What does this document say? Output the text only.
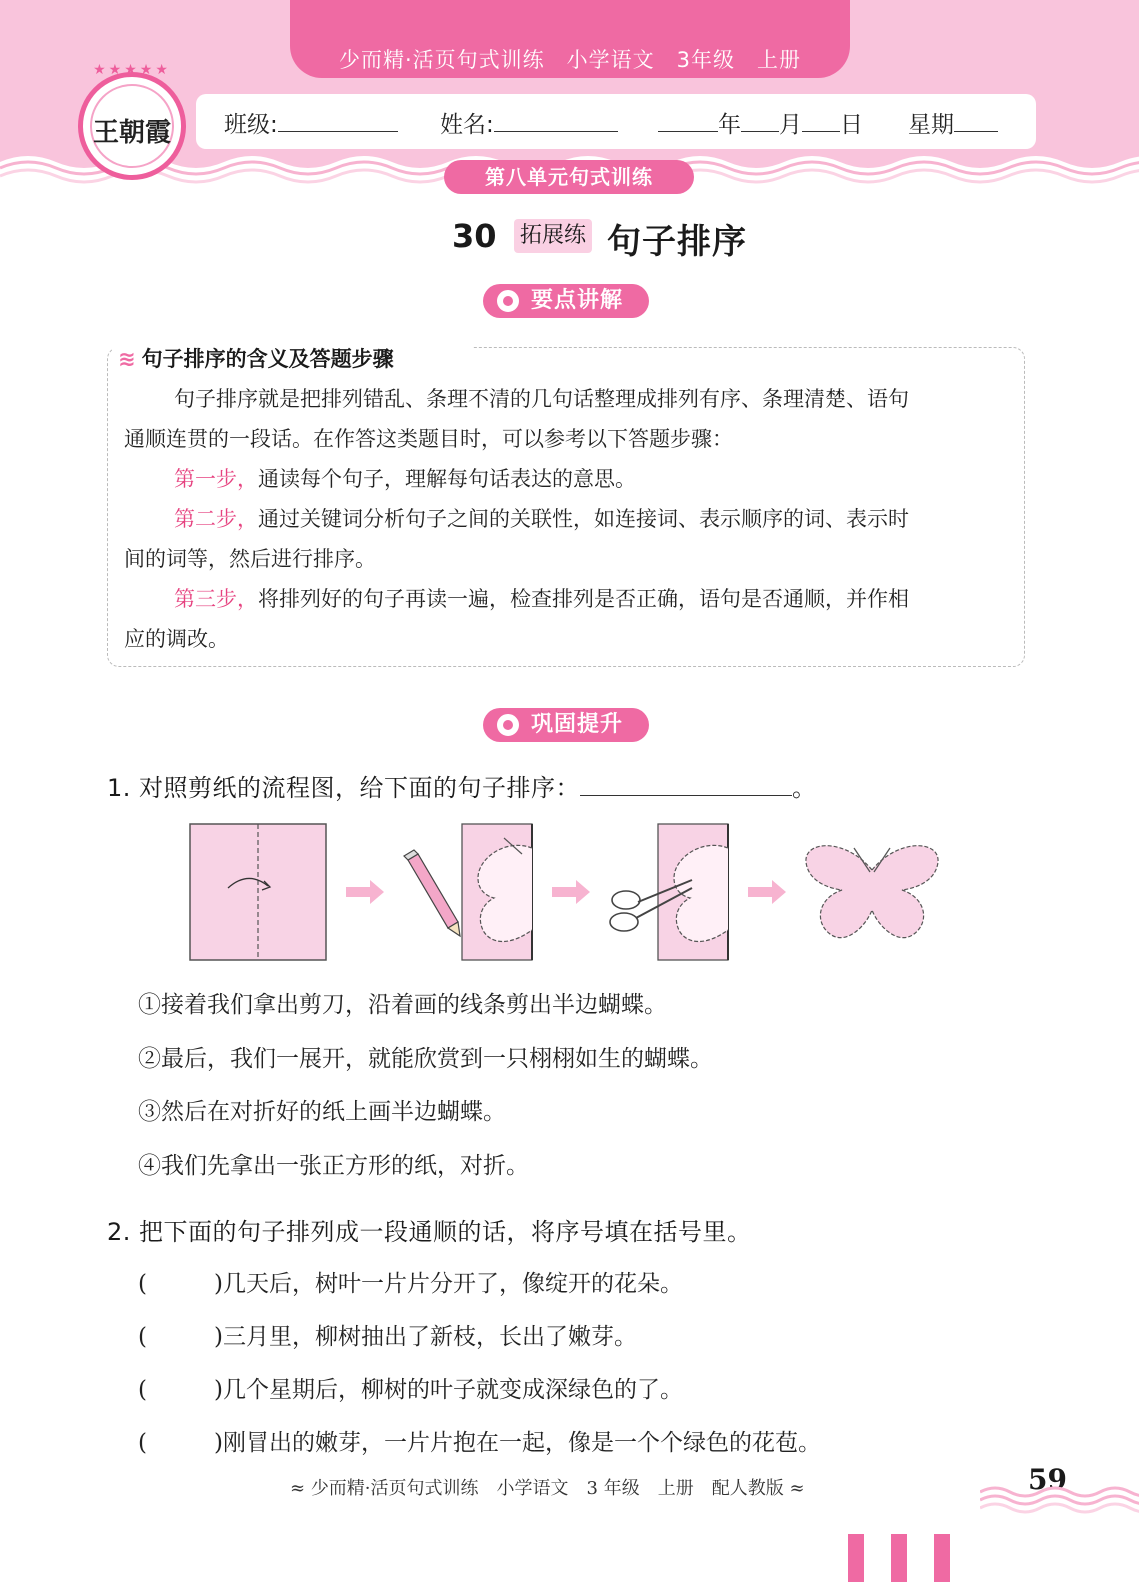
少而精·活页句式训练　小学语文　3年级　上册
班级:	姓名:	年 月 日 星期
★★★★★
王朝霞
第八单元句式训练
30 拓展练 句子排序
要点讲解
≋ 句子排序的含义及答题步骤
句子排序就是把排列错乱、条理不清的几句话整理成排列有序、条理清楚、语句
通顺连贯的一段话。在作答这类题目时，可以参考以下答题步骤：
第一步，通读每个句子，理解每句话表达的意思。
第二步，通过关键词分析句子之间的关联性，如连接词、表示顺序的词、表示时
间的词等，然后进行排序。
第三步，将排列好的句子再读一遍，检查排列是否正确，语句是否通顺，并作相
应的调改。
巩固提升
1. 对照剪纸的流程图，给下面的句子排序：	。
①接着我们拿出剪刀，沿着画的线条剪出半边蝴蝶。
②最后，我们一展开，就能欣赏到一只栩栩如生的蝴蝶。
③然后在对折好的纸上画半边蝴蝶。
④我们先拿出一张正方形的纸，对折。
2. 把下面的句子排列成一段通顺的话，将序号填在括号里。
(	)几天后，树叶一片片分开了，像绽开的花朵。
(	)三月里，柳树抽出了新枝，长出了嫩芽。
(	)几个星期后，柳树的叶子就变成深绿色的了。
(	)刚冒出的嫩芽，一片片抱在一起，像是一个个绿色的花苞。
≈ 少而精·活页句式训练　小学语文　3 年级　上册　配人教版 ≈	59
